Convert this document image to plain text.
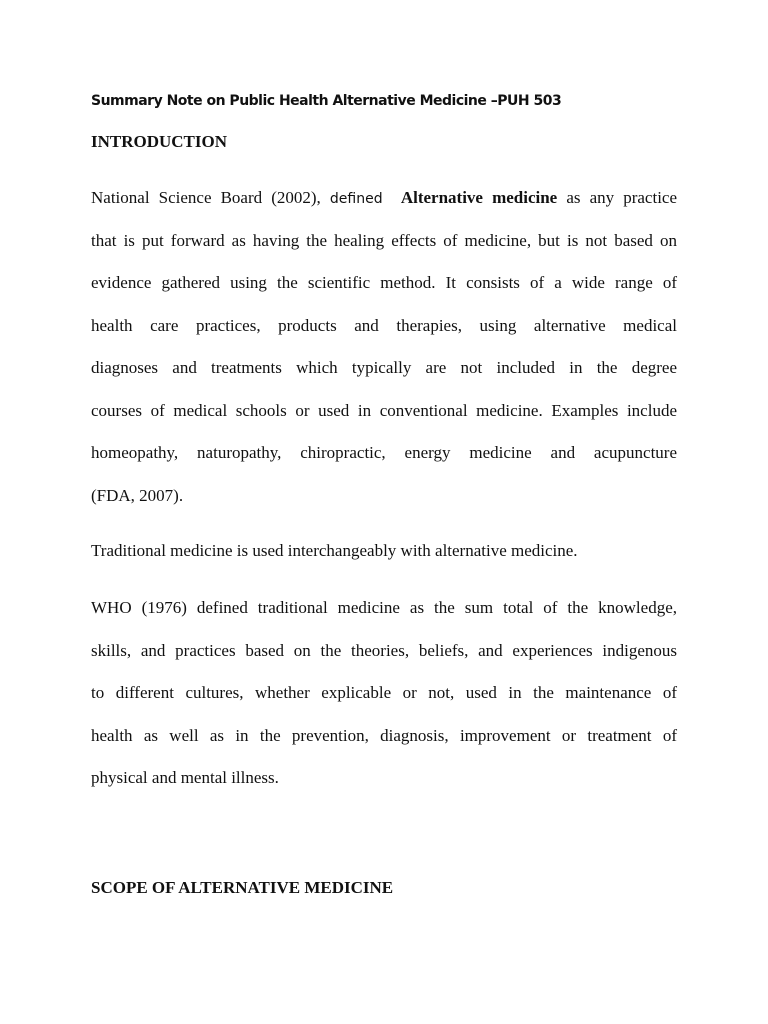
Summary Note on Public Health Alternative Medicine –PUH 503
INTRODUCTION
National Science Board (2002), defined Alternative medicine as any practice
that is put forward as having the healing effects of medicine, but is not based on
evidence gathered using the scientific method. It consists of a wide range of
health care practices, products and therapies, using alternative medical
diagnoses and treatments which typically are not included in the degree
courses of medical schools or used in conventional medicine. Examples include
homeopathy, naturopathy, chiropractic, energy medicine and acupuncture
(FDA, 2007).
Traditional medicine is used interchangeably with alternative medicine.
WHO (1976) defined traditional medicine as the sum total of the knowledge,
skills, and practices based on the theories, beliefs, and experiences indigenous
to different cultures, whether explicable or not, used in the maintenance of
health as well as in the prevention, diagnosis, improvement or treatment of
physical and mental illness.
SCOPE OF ALTERNATIVE MEDICINE
